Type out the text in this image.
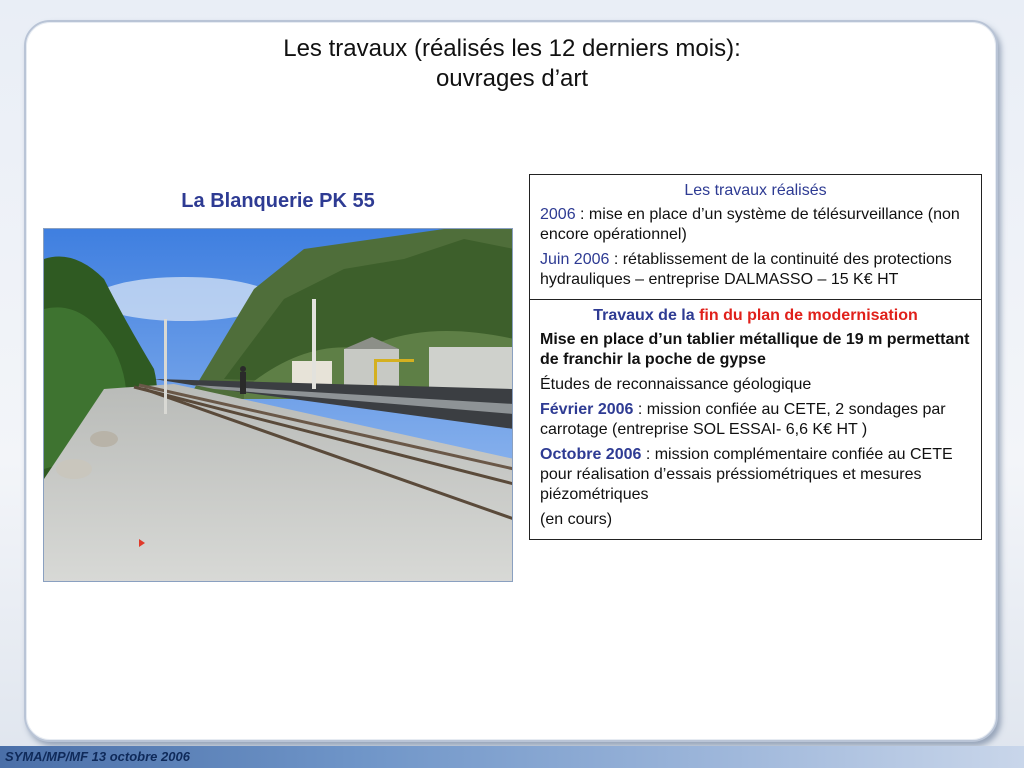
Les travaux (réalisés les 12 derniers mois):
ouvrages d’art
La Blanquerie PK 55	Les travaux réalisés

2006 : mise en place d’un système de télésurveillance (non encore opérationnel)

Juin 2006 : rétablissement de la continuité des protections hydrauliques – entreprise DALMASSO – 15 K€ HT

Travaux de la fin du plan de modernisation

Mise en place d’un tablier métallique de 19 m permettant de franchir la poche de gypse

Études de reconnaissance géologique

Février 2006 : mission confiée au CETE, 2 sondages par carrotage (entreprise SOL ESSAI- 6,6 K€ HT )

Octobre 2006 : mission complémentaire confiée au CETE pour réalisation d’essais préssiométriques et mesures piézométriques

(en cours)

SYMA/MP/MF 13 octobre 2006
